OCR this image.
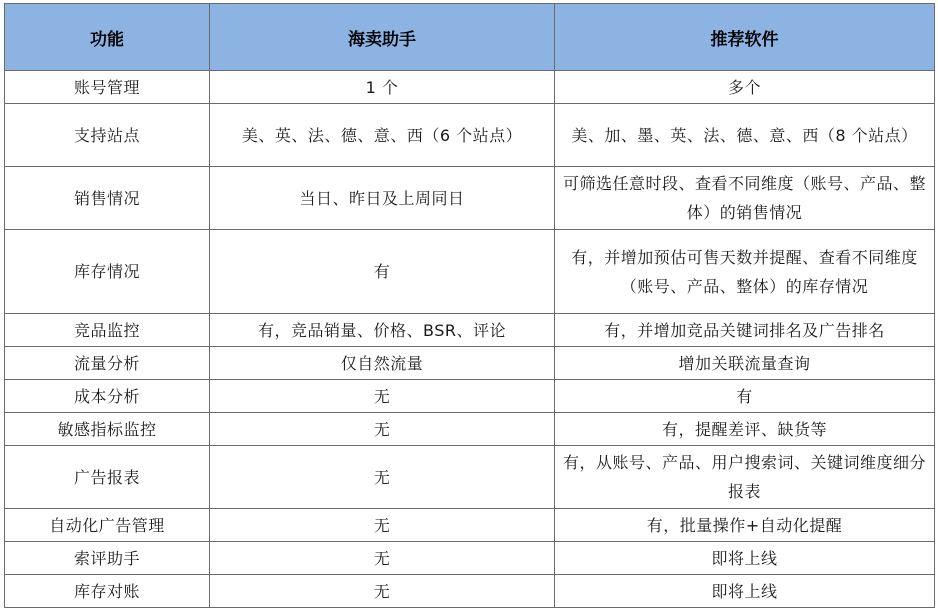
功能	海卖助手	推荐软件
账号管理	1 个	多个
支持站点	美、英、法、德、意、西（6 个站点）	美、加、墨、英、法、德、意、西（8 个站点）
销售情况	当日、昨日及上周同日	可筛选任意时段、查看不同维度（账号、产品、整体）的销售情况
库存情况	有	有，并增加预估可售天数并提醒、查看不同维度（账号、产品、整体）的库存情况
竞品监控	有，竞品销量、价格、BSR、评论	有，并增加竞品关键词排名及广告排名
流量分析	仅自然流量	增加关联流量查询
成本分析	无	有
敏感指标监控	无	有，提醒差评、缺货等
广告报表	无	有，从账号、产品、用户搜索词、关键词维度细分报表
自动化广告管理	无	有，批量操作+自动化提醒
索评助手	无	即将上线
库存对账	无	即将上线
